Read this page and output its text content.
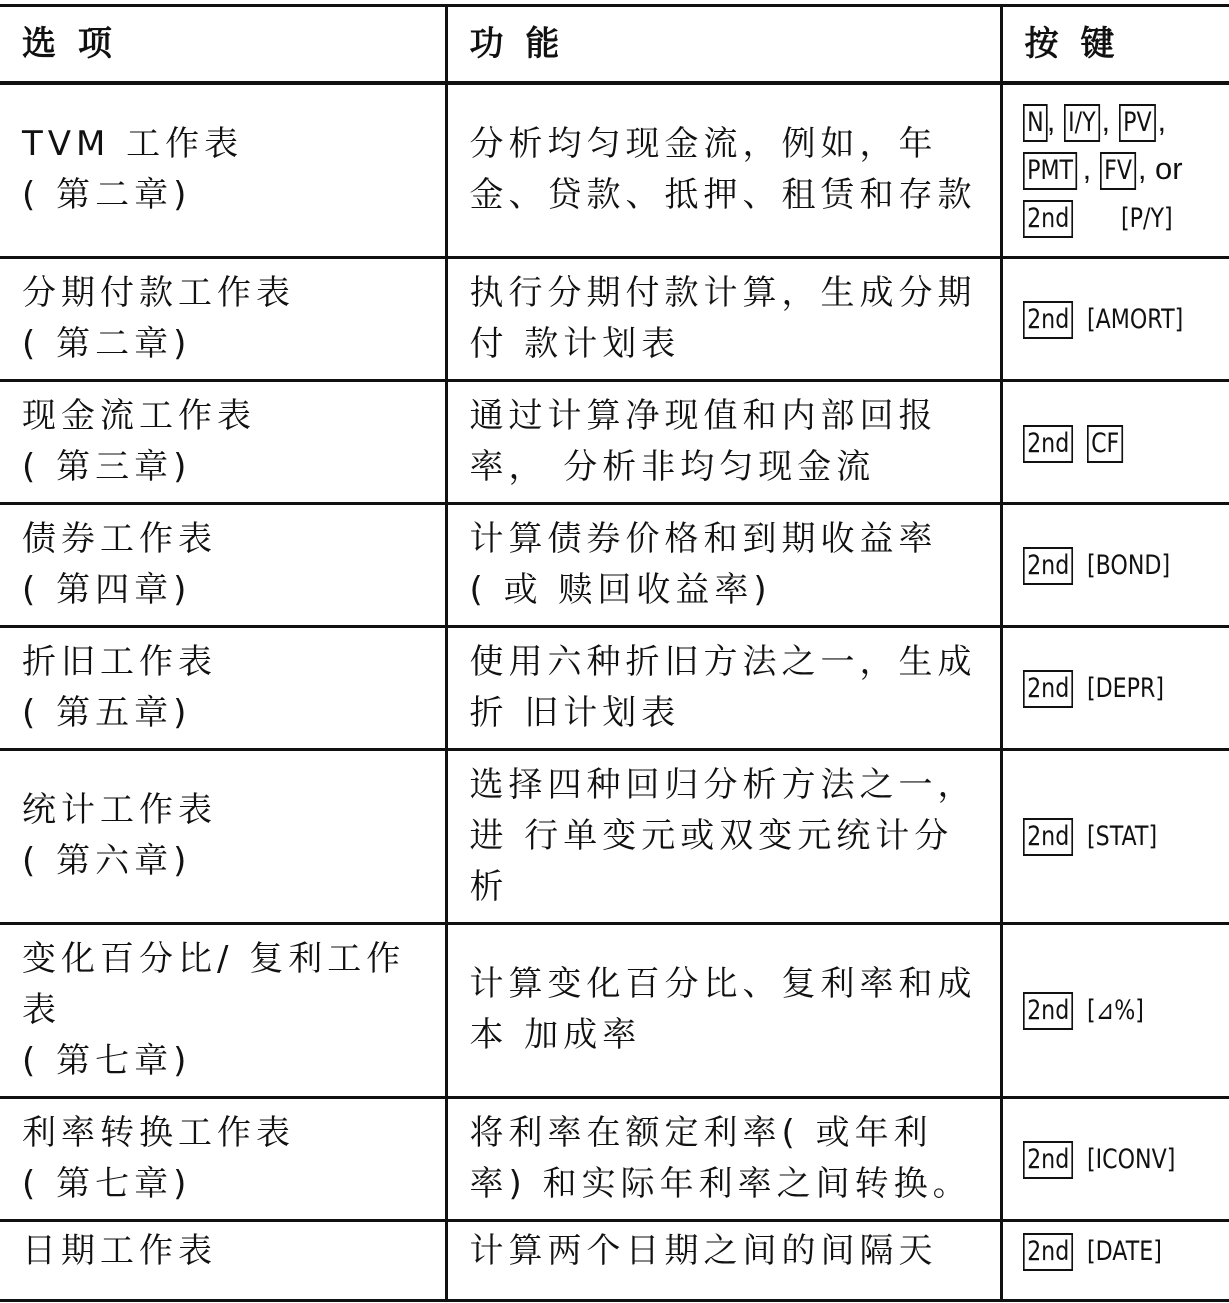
选 项	功 能	按 键

TVM 工作表
( 第二章)	分析均匀现金流，例如，年
金、贷款、抵押、租赁和存款	N , I/Y , PV ,
PMT , FV , or
2nd [P/Y]

分期付款工作表
( 第二章)	执行分期付款计算，生成分期
付 款计划表	2nd [AMORT]

现金流工作表
( 第三章)	通过计算净现值和内部回报
率， 分析非均匀现金流	2nd CF

债券工作表
( 第四章)	计算债券价格和到期收益率
( 或 赎回收益率)	2nd [BOND]

折旧工作表
( 第五章)	使用六种折旧方法之一，生成
折 旧计划表	2nd [DEPR]

统计工作表
( 第六章)	选择四种回归分析方法之一，
进 行单变元或双变元统计分
析	2nd [STAT]

变化百分比/ 复利工作
表
( 第七章)	计算变化百分比、复利率和成
本 加成率	2nd [⊿%]

利率转换工作表
( 第七章)	将利率在额定利率( 或年利
率) 和实际年利率之间转换。	2nd [ICONV]

日期工作表	计算两个日期之间的间隔天	2nd [DATE]
